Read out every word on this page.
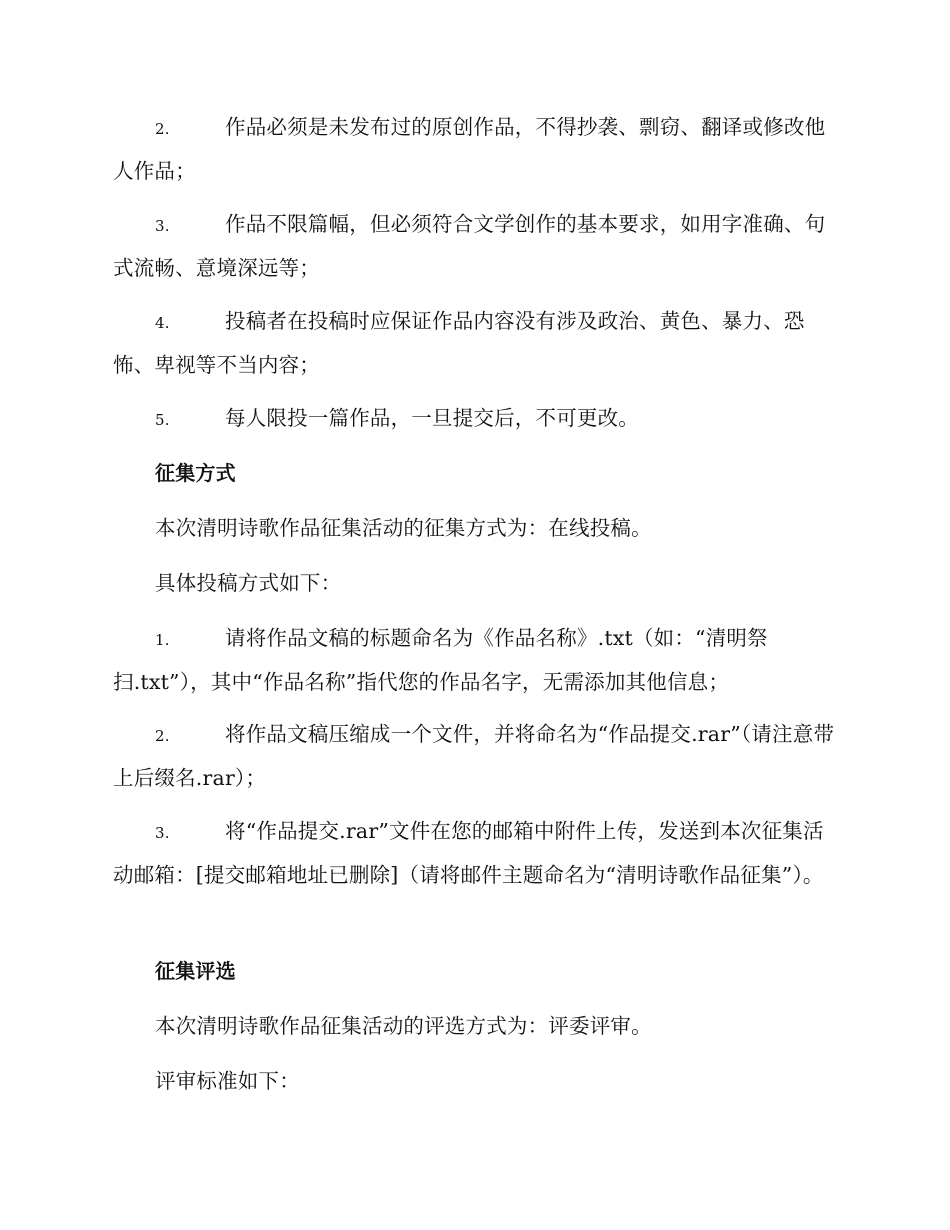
2.	作品必须是未发布过的原创作品，不得抄袭、剽窃、翻译或修改他人作品；
3.	作品不限篇幅，但必须符合文学创作的基本要求，如用字准确、句式流畅、意境深远等；
4.	投稿者在投稿时应保证作品内容没有涉及政治、黄色、暴力、恐怖、卑视等不当内容；
5.	每人限投一篇作品，一旦提交后，不可更改。
征集方式
本次清明诗歌作品征集活动的征集方式为：在线投稿。
具体投稿方式如下：
1.	请将作品文稿的标题命名为《作品名称》.txt（如：“清明祭扫.txt”），其中“作品名称”指代您的作品名字，无需添加其他信息；
2.	将作品文稿压缩成一个文件，并将命名为“作品提交.rar”（请注意带上后缀名.rar）；
3.	将“作品提交.rar”文件在您的邮箱中附件上传，发送到本次征集活动邮箱：[提交邮箱地址已删除]（请将邮件主题命名为“清明诗歌作品征集”）。
征集评选
本次清明诗歌作品征集活动的评选方式为：评委评审。
评审标准如下：
